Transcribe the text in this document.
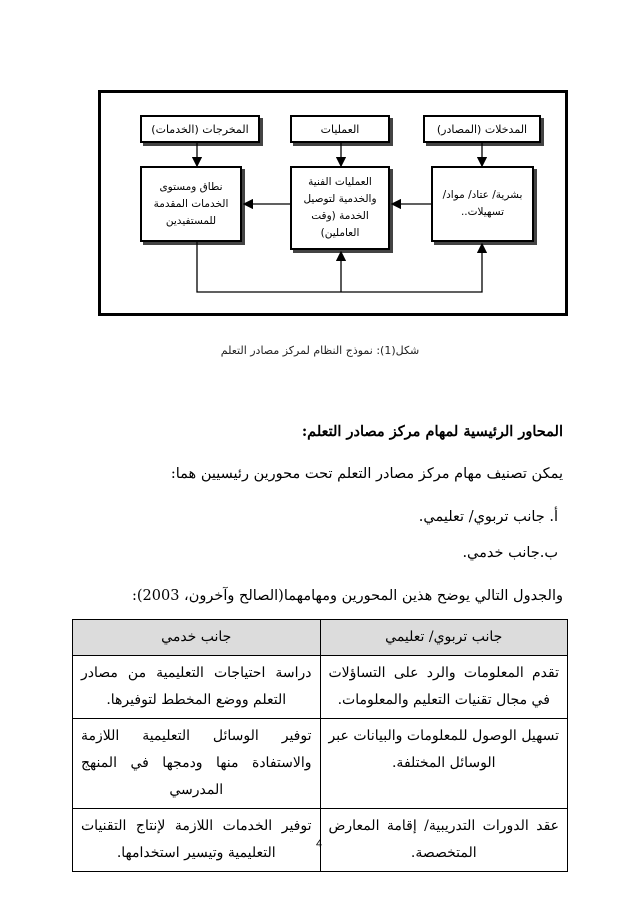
المخرجات (الخدمات)	العمليات	المدخلات (المصادر)
نطاق ومستوى الخدمات المقدمة للمستفيدين
العمليات الفنية والخدمية لتوصيل الخدمة (وقت العاملين)
بشرية/ عتاد/ مواد/ تسهيلات..
شكل(1): نموذج النظام لمركز مصادر التعلم
المحاور الرئيسية لمهام مركز مصادر التعلم:
يمكن تصنيف مهام مركز مصادر التعلم تحت محورين رئيسيين هما:
أ. جانب تربوي/ تعليمي.
ب.جانب خدمي.
والجدول التالي يوضح هذين المحورين ومهامهما(الصالح وآخرون، 2003):
جانب تربوي/ تعليمي	جانب خدمي
تقدم المعلومات والرد على التساؤلات في مجال تقنيات التعليم والمعلومات.	دراسة احتياجات التعليمية من مصادر التعلم ووضع المخطط لتوفيرها.
تسهيل الوصول للمعلومات والبيانات عبر الوسائل المختلفة.	توفير الوسائل التعليمية اللازمة والاستفادة منها ودمجها في المنهج المدرسي
عقد الدورات التدريبية/ إقامة المعارض المتخصصة.	توفير الخدمات اللازمة لإنتاج التقنيات التعليمية وتيسير استخدامها.
4
